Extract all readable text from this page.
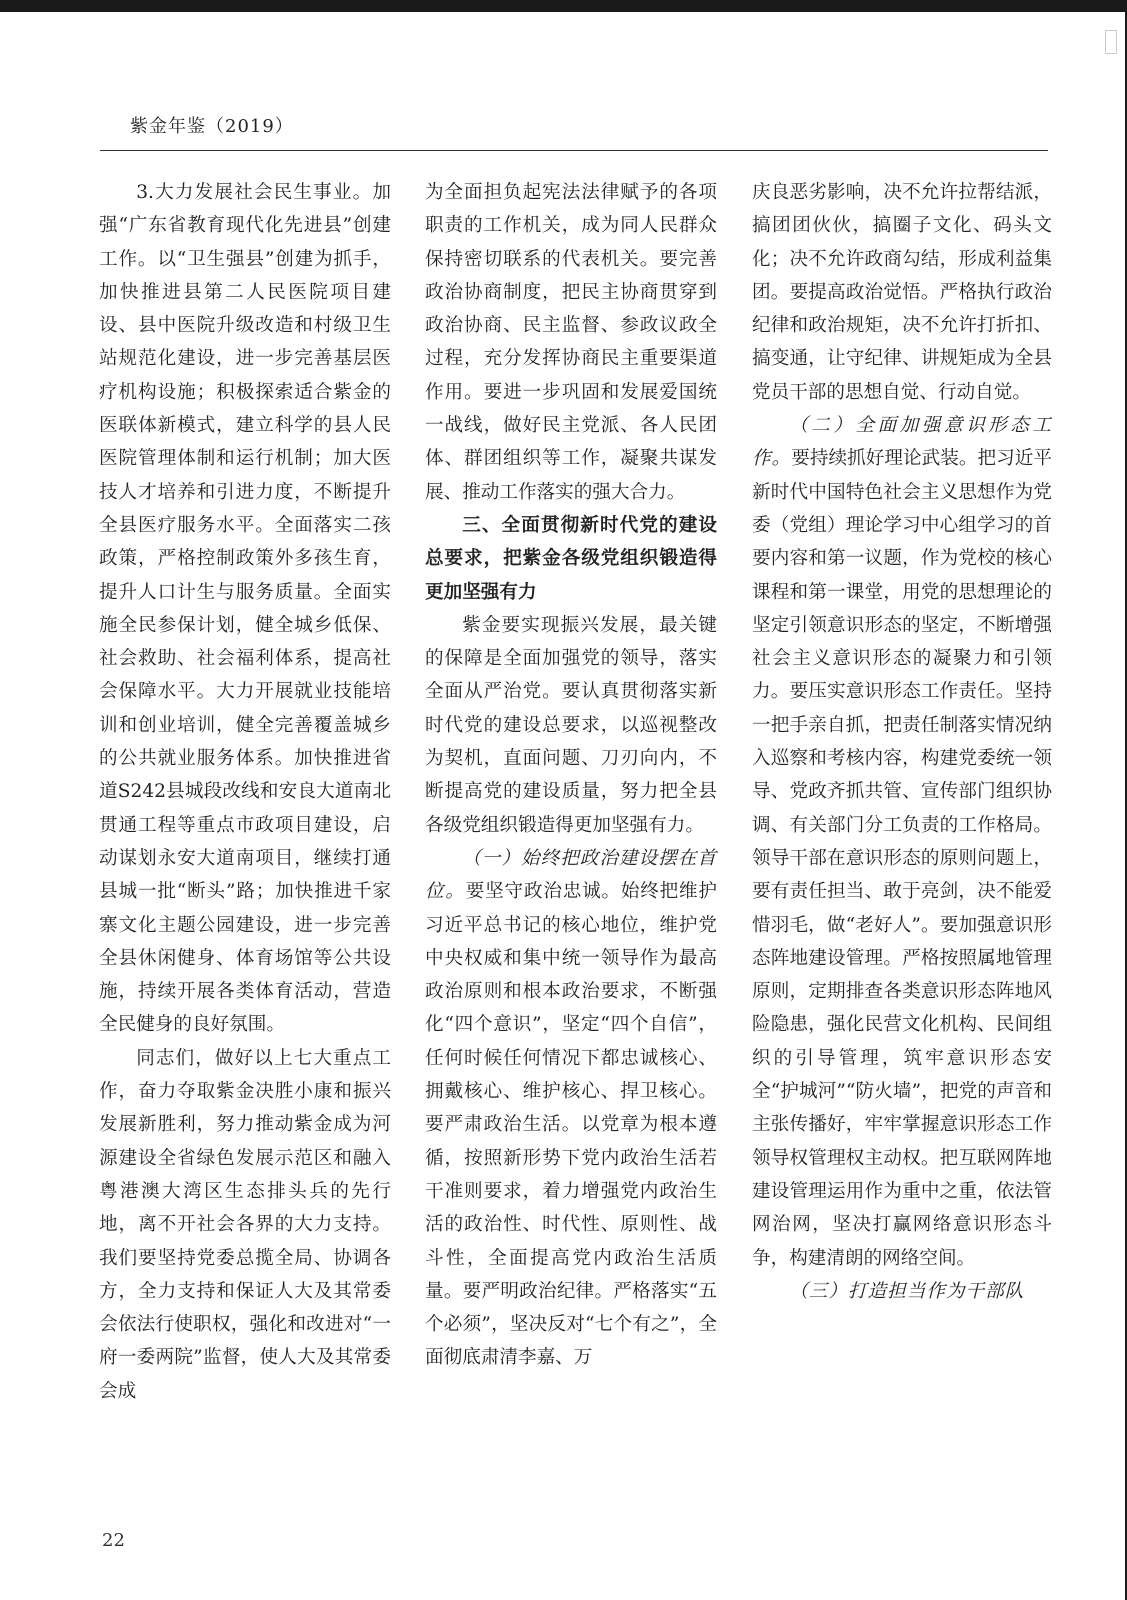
紫金年鉴（2019）

3.大力发展社会民生事业。加强“广东省教育现代化先进县”创建工作。以“卫生强县”创建为抓手，加快推进县第二人民医院项目建设、县中医院升级改造和村级卫生站规范化建设，进一步完善基层医疗机构设施；积极探索适合紫金的医联体新模式，建立科学的县人民医院管理体制和运行机制；加大医技人才培养和引进力度，不断提升全县医疗服务水平。全面落实二孩政策，严格控制政策外多孩生育，提升人口计生与服务质量。全面实施全民参保计划，健全城乡低保、社会救助、社会福利体系，提高社会保障水平。大力开展就业技能培训和创业培训，健全完善覆盖城乡的公共就业服务体系。加快推进省道S242县城段改线和安良大道南北贯通工程等重点市政项目建设，启动谋划永安大道南项目，继续打通县城一批“断头”路；加快推进千家寨文化主题公园建设，进一步完善全县休闲健身、体育场馆等公共设施，持续开展各类体育活动，营造全民健身的良好氛围。

同志们，做好以上七大重点工作，奋力夺取紫金决胜小康和振兴发展新胜利，努力推动紫金成为河源建设全省绿色发展示范区和融入粤港澳大湾区生态排头兵的先行地，离不开社会各界的大力支持。我们要坚持党委总揽全局、协调各方，全力支持和保证人大及其常委会依法行使职权，强化和改进对“一府一委两院”监督，使人大及其常委会成

为全面担负起宪法法律赋予的各项职责的工作机关，成为同人民群众保持密切联系的代表机关。要完善政治协商制度，把民主协商贯穿到政治协商、民主监督、参政议政全过程，充分发挥协商民主重要渠道作用。要进一步巩固和发展爱国统一战线，做好民主党派、各人民团体、群团组织等工作，凝聚共谋发展、推动工作落实的强大合力。

三、全面贯彻新时代党的建设总要求，把紫金各级党组织锻造得更加坚强有力

紫金要实现振兴发展，最关键的保障是全面加强党的领导，落实全面从严治党。要认真贯彻落实新时代党的建设总要求，以巡视整改为契机，直面问题、刀刃向内，不断提高党的建设质量，努力把全县各级党组织锻造得更加坚强有力。

（一）始终把政治建设摆在首位。要坚守政治忠诚。始终把维护习近平总书记的核心地位，维护党中央权威和集中统一领导作为最高政治原则和根本政治要求，不断强化“四个意识”，坚定“四个自信”，任何时候任何情况下都忠诚核心、拥戴核心、维护核心、捍卫核心。要严肃政治生活。以党章为根本遵循，按照新形势下党内政治生活若干准则要求，着力增强党内政治生活的政治性、时代性、原则性、战斗性，全面提高党内政治生活质量。要严明政治纪律。严格落实“五个必须”，坚决反对“七个有之”，全面彻底肃清李嘉、万

庆良恶劣影响，决不允许拉帮结派，搞团团伙伙，搞圈子文化、码头文化；决不允许政商勾结，形成利益集团。要提高政治觉悟。严格执行政治纪律和政治规矩，决不允许打折扣、搞变通，让守纪律、讲规矩成为全县党员干部的思想自觉、行动自觉。

（二）全面加强意识形态工作。要持续抓好理论武装。把习近平新时代中国特色社会主义思想作为党委（党组）理论学习中心组学习的首要内容和第一议题，作为党校的核心课程和第一课堂，用党的思想理论的坚定引领意识形态的坚定，不断增强社会主义意识形态的凝聚力和引领力。要压实意识形态工作责任。坚持一把手亲自抓，把责任制落实情况纳入巡察和考核内容，构建党委统一领导、党政齐抓共管、宣传部门组织协调、有关部门分工负责的工作格局。领导干部在意识形态的原则问题上，要有责任担当、敢于亮剑，决不能爱惜羽毛，做“老好人”。要加强意识形态阵地建设管理。严格按照属地管理原则，定期排查各类意识形态阵地风险隐患，强化民营文化机构、民间组织的引导管理，筑牢意识形态安全“护城河”“防火墙”，把党的声音和主张传播好，牢牢掌握意识形态工作领导权管理权主动权。把互联网阵地建设管理运用作为重中之重，依法管网治网，坚决打赢网络意识形态斗争，构建清朗的网络空间。

（三）打造担当作为干部队

22
